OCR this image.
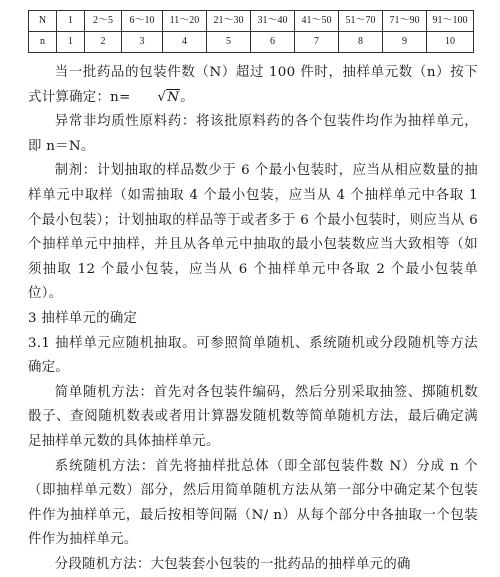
N	1	2～5	6～10	11～20	21～30	31～40	41～50	51～70	71～90	91～100
n	1	2	3	4	5	6	7	8	9	10

当一批药品的包装件数（N）超过 100 件时，抽样单元数（n）按下式计算确定：n= √N。

异常非均质性原料药：将该批原料药的各个包装件均作为抽样单元，即 n＝N。

制剂：计划抽取的样品数少于 6 个最小包装时，应当从相应数量的抽样单元中取样（如需抽取 4 个最小包装，应当从 4 个抽样单元中各取 1 个最小包装）；计划抽取的样品等于或者多于 6 个最小包装时，则应当从 6 个抽样单元中抽样，并且从各单元中抽取的最小包装数应当大致相等（如须抽取 12 个最小包装，应当从 6 个抽样单元中各取 2 个最小包装单位）。

3 抽样单元的确定

3.1 抽样单元应随机抽取。可参照简单随机、系统随机或分段随机等方法确定。

简单随机方法：首先对各包装件编码，然后分别采取抽签、掷随机数骰子、查阅随机数表或者用计算器发随机数等简单随机方法，最后确定满足抽样单元数的具体抽样单元。

系统随机方法：首先将抽样批总体（即全部包装件数 N）分成 n 个（即抽样单元数）部分，然后用简单随机方法从第一部分中确定某个包装件作为抽样单元，最后按相等间隔（N/ n）从每个部分中各抽取一个包装件作为抽样单元。

分段随机方法：大包装套小包装的一批药品的抽样单元的确
